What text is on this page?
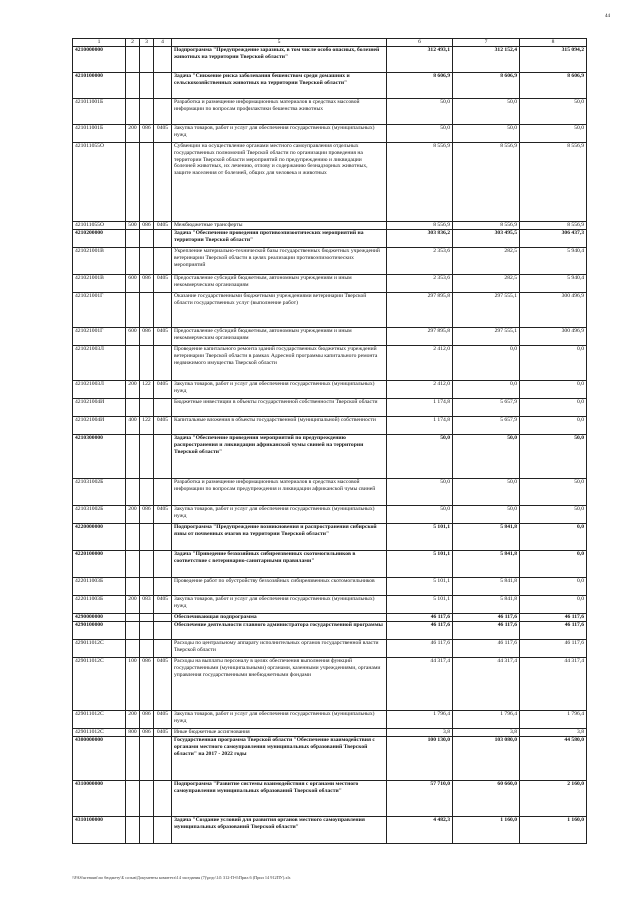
44
1	2	3	4	5	6	7	8
4210000000				Подпрограмма "Предупреждение заразных, в том числе особо опасных, болезней животных на территории Тверской области"	312 493,1	312 152,4	315 094,2
4210100000				Задача "Снижение риска заболевания бешенством среди домашних и сельскохозяйственных животных на территории Тверской области"	8 606,9	8 606,9	8 606,9
421011001Б				Разработка и размещение информационных материалов в средствах массовой информации по вопросам профилактики бешенства животных	50,0	50,0	50,0
421011001Б	200	086	0405	Закупка товаров, работ и услуг для обеспечения государственных (муниципальных) нужд	50,0	50,0	50,0
421011055О				Субвенции на осуществление органами местного самоуправления отдельных государственных полномочий Тверской области по организации проведения на территории Тверской области мероприятий по предупреждению и ликвидации болезней животных, их лечению, отлову и содержанию безнадзорных животных, защите населения от болезней, общих для человека и животных	8 556,9	8 556,9	8 556,9
421011055О	500	086	0405	Межбюджетные трансферты	8 556,9	8 556,9	8 556,9
4210200000				Задача "Обеспечение проведения противоэпизоотических мероприятий на территории Тверской области"	303 836,2	303 495,5	306 437,3
421021001В				Укрепление материально-технической базы государственных бюджетных учреждений ветеринарии Тверской области в целях реализации противоэпизоотических мероприятий	2 353,6	282,5	5 940,4
421021001В	600	086	0405	Предоставление субсидий бюджетным, автономным учреждениям и иным некоммерческим организациям	2 353,6	282,5	5 940,4
421021001Г				Оказание государственными бюджетными учреждениями ветеринарии Тверской области государственных услуг (выполнение работ)	297 895,8	297 555,1	300 496,9
421021001Г	600	086	0405	Предоставление субсидий бюджетным, автономным учреждениям и иным некоммерческим организациям	297 895,8	297 555,1	300 496,9
421021003Л				Проведение капитального ремонта зданий государственных бюджетных учреждений ветеринарии Тверской области в рамках Адресной программы капитального ремонта недвижимого имущества Тверской области	2 412,0	0,0	0,0
421021003Л	200	122	0405	Закупка товаров, работ и услуг для обеспечения государственных (муниципальных) нужд	2 412,0	0,0	0,0
421021004И				Бюджетные инвестиции в объекты государственной собственности Тверской области	1 174,8	5 657,9	0,0
421021004И	400	122	0405	Капитальные вложения в объекты государственной (муниципальной) собственности	1 174,8	5 657,9	0,0
4210300000				Задача "Обеспечение проведения мероприятий по предупреждению распространения и ликвидации африканской чумы свиней на территории Тверской области"	50,0	50,0	50,0
421031002Б				Разработка и размещение информационных материалов в средствах массовой информации по вопросам предупреждения и ликвидации африканской чумы свиней	50,0	50,0	50,0
421031002Б	200	086	0405	Закупка товаров, работ и услуг для обеспечения государственных (муниципальных) нужд	50,0	50,0	50,0
4220000000				Подпрограмма "Предупреждение возникновения и распространения сибирской язвы от почвенных очагов на территории Тверской области"	5 101,1	5 841,8	0,0
4220100000				Задача "Приведение безхозяйных сибиреязвенных скотомогильников в соответствие с ветеринарно-санитарными правилами"	5 101,1	5 841,8	0,0
422011003Б				Проведение работ по обустройству безхозяйных сибиреязвенных скотомогильников	5 101,1	5 841,8	0,0
422011003Б	200	083	0405	Закупка товаров, работ и услуг для обеспечения государственных (муниципальных) нужд	5 101,1	5 841,8	0,0
4290000000				Обеспечивающая подпрограмма	46 117,6	46 117,6	46 117,6
4290100000				Обеспечение деятельности главного администратора государственной программы	46 117,6	46 117,6	46 117,6
429011012С				Расходы по центральному аппарату исполнительных органов государственной власти Тверской области	46 117,6	46 117,6	46 117,6
429011012С	100	086	0405	Расходы на выплаты персоналу в целях обеспечения выполнения функций государственными (муниципальными) органами, казенными учреждениями, органами управления государственными внебюджетными фондами	44 317,4	44 317,4	44 317,4
429011012С	200	086	0405	Закупка товаров, работ и услуг для обеспечения государственных (муниципальных) нужд	1 796,4	1 796,4	1 796,4
429011012С	800	086	0405	Иные бюджетные ассигнования	3,8	3,8	3,8
4300000000				Государственная программа Тверской области "Обеспечение взаимодействия с органами местного самоуправления муниципальных образований Тверской области" на 2017 - 2022 годы	100 130,0	103 080,0	44 580,0
4310000000				Подпрограмма "Развитие системы взаимодействия с органами местного самоуправления муниципальных образований Тверской области"	57 710,0	60 660,0	2 160,0
4310100000				Задача "Создание условий для развития органов местного самоуправления муниципальных образований Тверской области"	4 482,3	1 160,0	1 160,0
\\FAS\uremunt\по бюджету\Б созыв\Документы комитета\14 заседания (7)\ргдс\14\ 312-П-6\Прил.6 (Прил 14 912ПУ).xls
